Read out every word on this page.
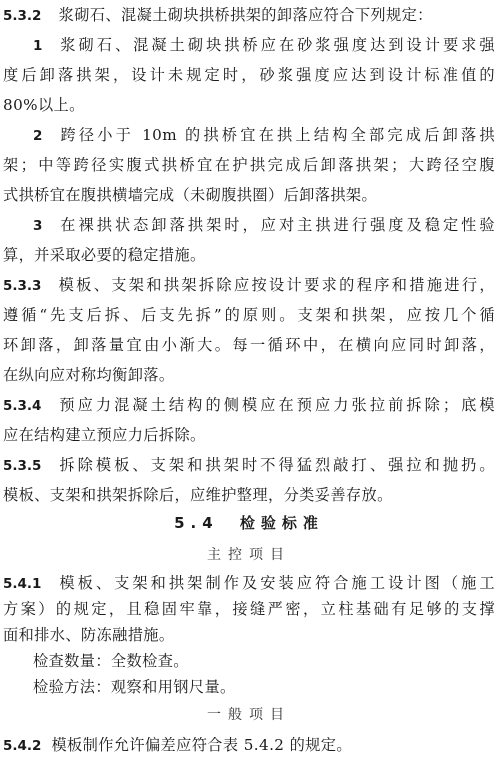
5.3.2 浆砌石、混凝土砌块拱桥拱架的卸落应符合下列规定：
1 浆砌石、混凝土砌块拱桥应在砂浆强度达到设计要求强
度后卸落拱架，设计未规定时，砂浆强度应达到设计标准值的
80%以上。
2 跨径小于 10m 的拱桥宜在拱上结构全部完成后卸落拱
架；中等跨径实腹式拱桥宜在护拱完成后卸落拱架；大跨径空腹
式拱桥宜在腹拱横墙完成（未砌腹拱圈）后卸落拱架。
3 在裸拱状态卸落拱架时，应对主拱进行强度及稳定性验
算，并采取必要的稳定措施。
5.3.3 模板、支架和拱架拆除应按设计要求的程序和措施进行，
遵循“先支后拆、后支先拆”的原则。支架和拱架，应按几个循
环卸落，卸落量宜由小渐大。每一循环中，在横向应同时卸落，
在纵向应对称均衡卸落。
5.3.4 预应力混凝土结构的侧模应在预应力张拉前拆除；底模
应在结构建立预应力后拆除。
5.3.5 拆除模板、支架和拱架时不得猛烈敲打、强拉和抛扔。
模板、支架和拱架拆除后，应维护整理，分类妥善存放。
5.4 检验标准
主控项目
5.4.1 模板、支架和拱架制作及安装应符合施工设计图（施工
方案）的规定，且稳固牢靠，接缝严密，立柱基础有足够的支撑
面和排水、防冻融措施。
检查数量：全数检查。
检验方法：观察和用钢尺量。
一般项目
5.4.2 模板制作允许偏差应符合表 5.4.2 的规定。
